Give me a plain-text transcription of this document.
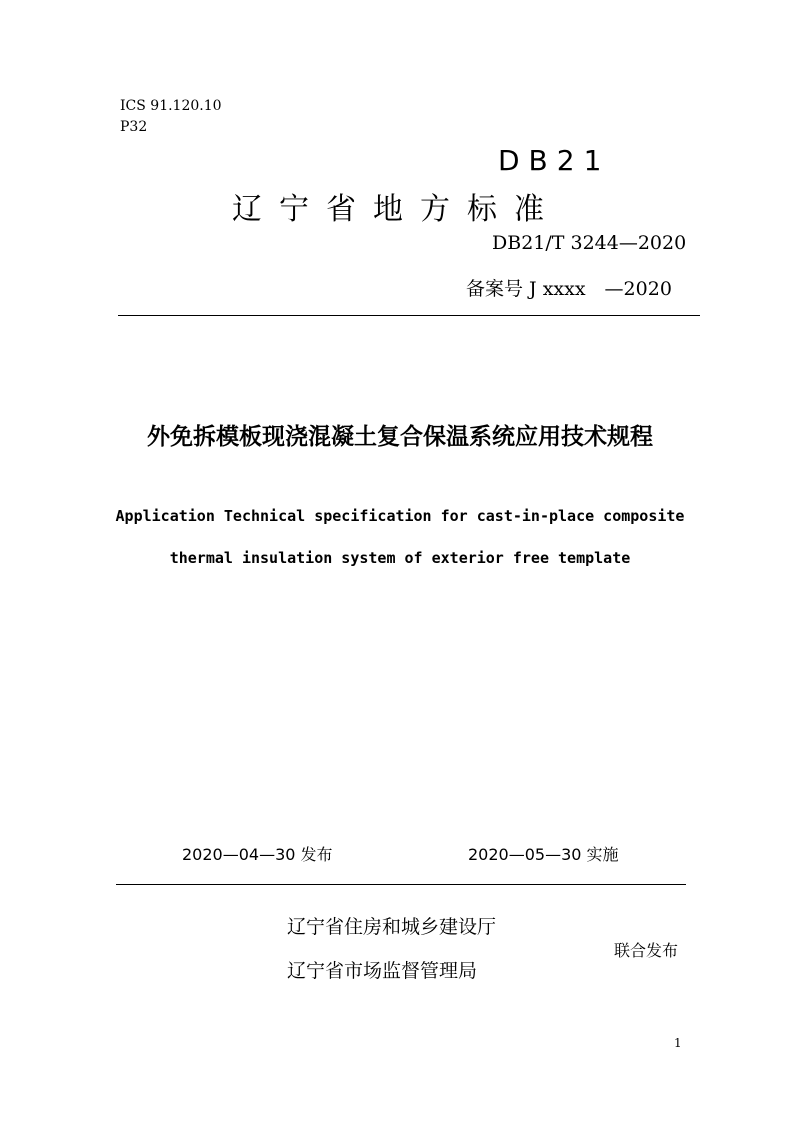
ICS 91.120.10
P32
DB21
辽宁省地方标准
DB21/T 3244—2020
备案号 J xxxx　—2020
外免拆模板现浇混凝土复合保温系统应用技术规程
Application Technical specification for cast-in-place composite
thermal insulation system of exterior free template
2020—04—30 发布	2020—05—30 实施
辽宁省住房和城乡建设厅
辽宁省市场监督管理局
联合发布
1
